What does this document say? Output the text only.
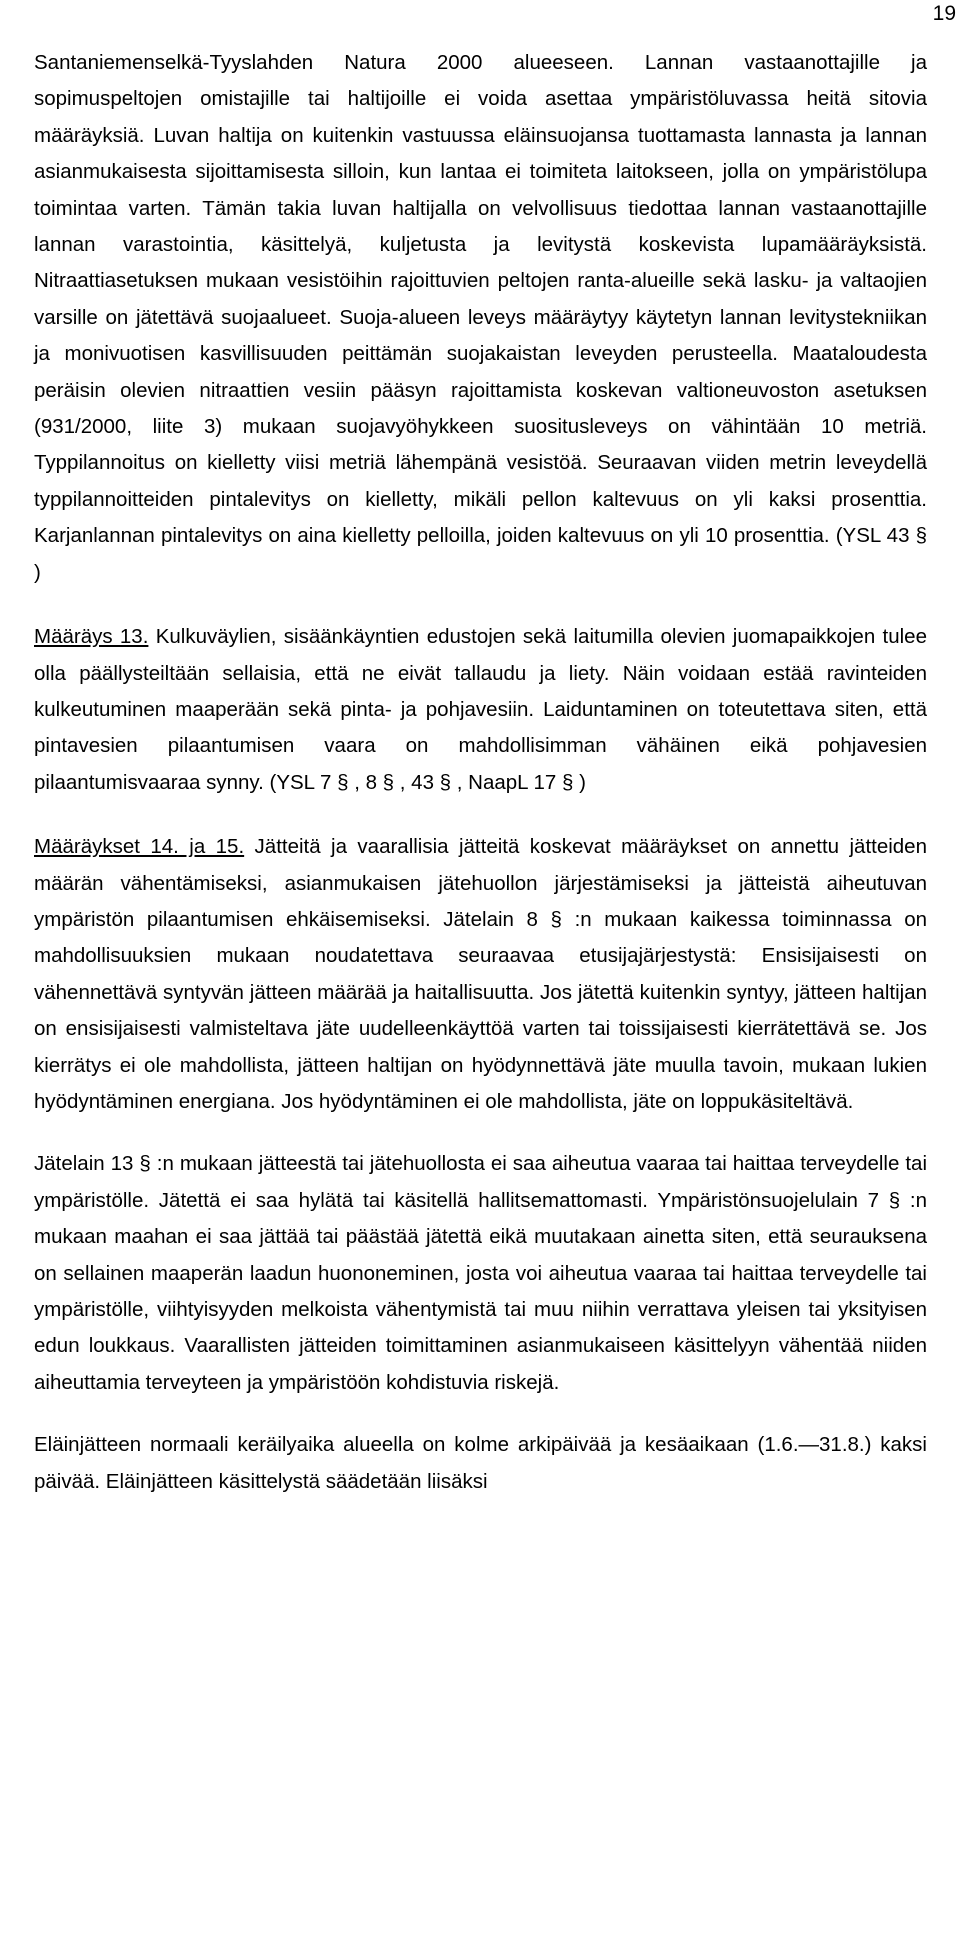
19

Santaniemenselkä-Tyyslahden Natura 2000 alueeseen. Lannan vastaanottajille ja sopimuspeltojen omistajille tai haltijoille ei voida asettaa ympäristöluvassa heitä sitovia määräyksiä. Luvan haltija on kuitenkin vastuussa eläinsuojansa tuottamasta lannasta ja lannan asianmukaisesta sijoittamisesta silloin, kun lantaa ei toimiteta laitokseen, jolla on ympäristölupa toimintaa varten. Tämän takia luvan haltijalla on velvollisuus tiedottaa lannan vastaanottajille lannan varastointia, käsittelyä, kuljetusta ja levitystä koskevista lupamääräyksistä. Nitraattiasetuksen mukaan vesistöihin rajoittuvien peltojen ranta-alueille sekä lasku- ja valtaojien varsille on jätettävä suojaalueet. Suoja-alueen leveys määräytyy käytetyn lannan levitystekniikan ja monivuotisen kasvillisuuden peittämän suojakaistan leveyden perusteella. Maataloudesta peräisin olevien nitraattien vesiin pääsyn rajoittamista koskevan valtioneuvoston asetuksen (931/2000, liite 3) mukaan suojavyöhykkeen suositusleveys on vähintään 10 metriä. Typpilannoitus on kielletty viisi metriä lähempänä vesistöä. Seuraavan viiden metrin leveydellä typpilannoitteiden pintalevitys on kielletty, mikäli pellon kaltevuus on yli kaksi prosenttia. Karjanlannan pintalevitys on aina kielletty pelloilla, joiden kaltevuus on yli 10 prosenttia. (YSL 43 § )

Määräys 13. Kulkuväylien, sisäänkäyntien edustojen sekä laitumilla olevien juomapaikkojen tulee olla päällysteiltään sellaisia, että ne eivät tallaudu ja liety. Näin voidaan estää ravinteiden kulkeutuminen maaperään sekä pinta- ja pohjavesiin. Laiduntaminen on toteutettava siten, että pintavesien pilaantumisen vaara on mahdollisimman vähäinen eikä pohjavesien pilaantumisvaaraa synny. (YSL 7 § , 8 § , 43 § , NaapL 17 § )

Määräykset 14. ja 15. Jätteitä ja vaarallisia jätteitä koskevat määräykset on annettu jätteiden määrän vähentämiseksi, asianmukaisen jätehuollon järjestämiseksi ja jätteistä aiheutuvan ympäristön pilaantumisen ehkäisemiseksi. Jätelain 8 § :n mukaan kaikessa toiminnassa on mahdollisuuksien mukaan noudatettava seuraavaa etusijajärjestystä: Ensisijaisesti on vähennettävä syntyvän jätteen määrää ja haitallisuutta. Jos jätettä kuitenkin syntyy, jätteen haltijan on ensisijaisesti valmisteltava jäte uudelleenkäyttöä varten tai toissijaisesti kierrätettävä se. Jos kierrätys ei ole mahdollista, jätteen haltijan on hyödynnettävä jäte muulla tavoin, mukaan lukien hyödyntäminen energiana. Jos hyödyntäminen ei ole mahdollista, jäte on loppukäsiteltävä.

Jätelain 13 § :n mukaan jätteestä tai jätehuollosta ei saa aiheutua vaaraa tai haittaa terveydelle tai ympäristölle. Jätettä ei saa hylätä tai käsitellä hallitsemattomasti. Ympäristönsuojelulain 7 § :n mukaan maahan ei saa jättää tai päästää jätettä eikä muutakaan ainetta siten, että seurauksena on sellainen maaperän laadun huononeminen, josta voi aiheutua vaaraa tai haittaa terveydelle tai ympäristölle, viihtyisyyden melkoista vähentymistä tai muu niihin verrattava yleisen tai yksityisen edun loukkaus. Vaarallisten jätteiden toimittaminen asianmukaiseen käsittelyyn vähentää niiden aiheuttamia terveyteen ja ympäristöön kohdistuvia riskejä.

Eläinjätteen normaali keräilyaika alueella on kolme arkipäivää ja kesäaikaan (1.6.—31.8.) kaksi päivää. Eläinjätteen käsittelystä säädetään liisäksi
